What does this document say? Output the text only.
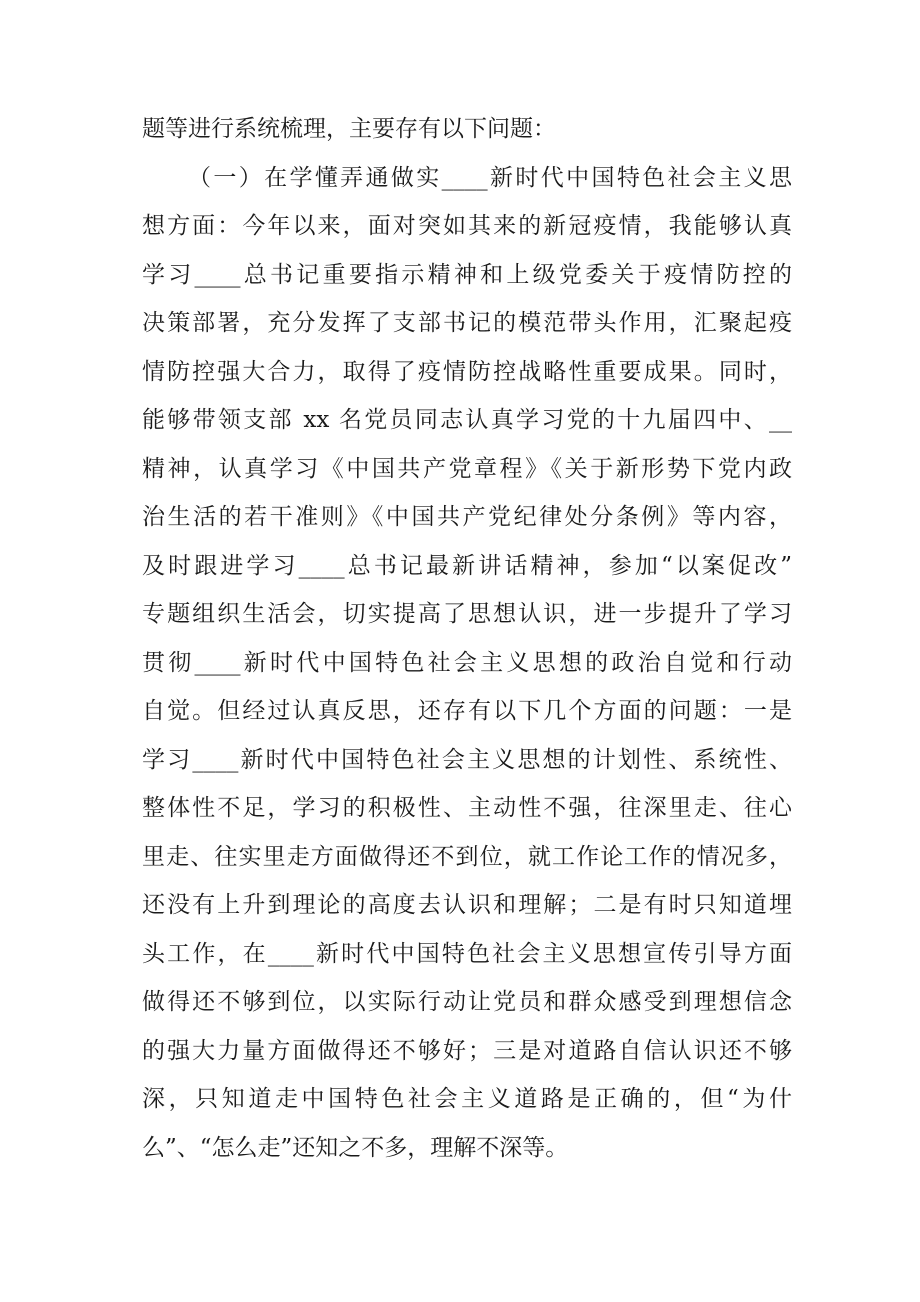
题等进行系统梳理，主要存有以下问题：
（一）在学懂弄通做实____新时代中国特色社会主义思
想方面：今年以来，面对突如其来的新冠疫情，我能够认真
学习____总书记重要指示精神和上级党委关于疫情防控的
决策部署，充分发挥了支部书记的模范带头作用，汇聚起疫
情防控强大合力，取得了疫情防控战略性重要成果。同时，
能够带领支部 xx 名党员同志认真学习党的十九届四中、__
精神，认真学习《中国共产党章程》《关于新形势下党内政
治生活的若干准则》《中国共产党纪律处分条例》等内容，
及时跟进学习____总书记最新讲话精神，参加“以案促改”
专题组织生活会，切实提高了思想认识，进一步提升了学习
贯彻____新时代中国特色社会主义思想的政治自觉和行动
自觉。但经过认真反思，还存有以下几个方面的问题：一是
学习____新时代中国特色社会主义思想的计划性、系统性、
整体性不足，学习的积极性、主动性不强，往深里走、往心
里走、往实里走方面做得还不到位，就工作论工作的情况多，
还没有上升到理论的高度去认识和理解；二是有时只知道埋
头工作，在____新时代中国特色社会主义思想宣传引导方面
做得还不够到位，以实际行动让党员和群众感受到理想信念
的强大力量方面做得还不够好；三是对道路自信认识还不够
深，只知道走中国特色社会主义道路是正确的，但“为什
么”、“怎么走”还知之不多，理解不深等。
